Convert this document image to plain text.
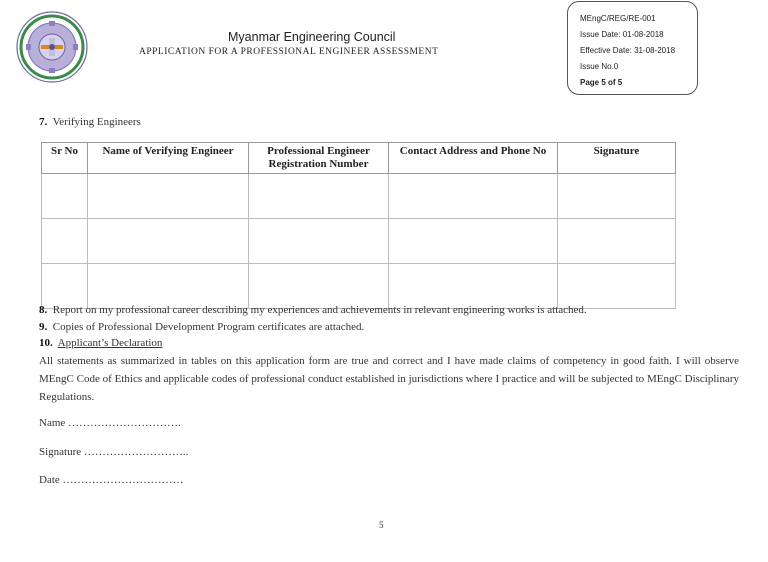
Myanmar Engineering Council
APPLICATION FOR A PROFESSIONAL ENGINEER ASSESSMENT
MEngC/REG/RE-001
Issue Date: 01-08-2018
Effective Date: 31-08-2018
Issue No.0
Page 5 of 5
7. Verifying Engineers
Sr No	Name of Verifying Engineer	Professional Engineer Registration Number	Contact Address and Phone No	Signature

8. Report on my professional career describing my experiences and achievements in relevant engineering works is attached.
9. Copies of Professional Development Program certificates are attached.
10. Applicant’s Declaration
All statements as summarized in tables on this application form are true and correct and I have made claims of competency in good faith. I will observe MEngC Code of Ethics and applicable codes of professional conduct established in jurisdictions where I practice and will be subjected to MEngC Disciplinary Regulations.
Name ………………………….
Signature ………………………..
Date ……………………………
5
